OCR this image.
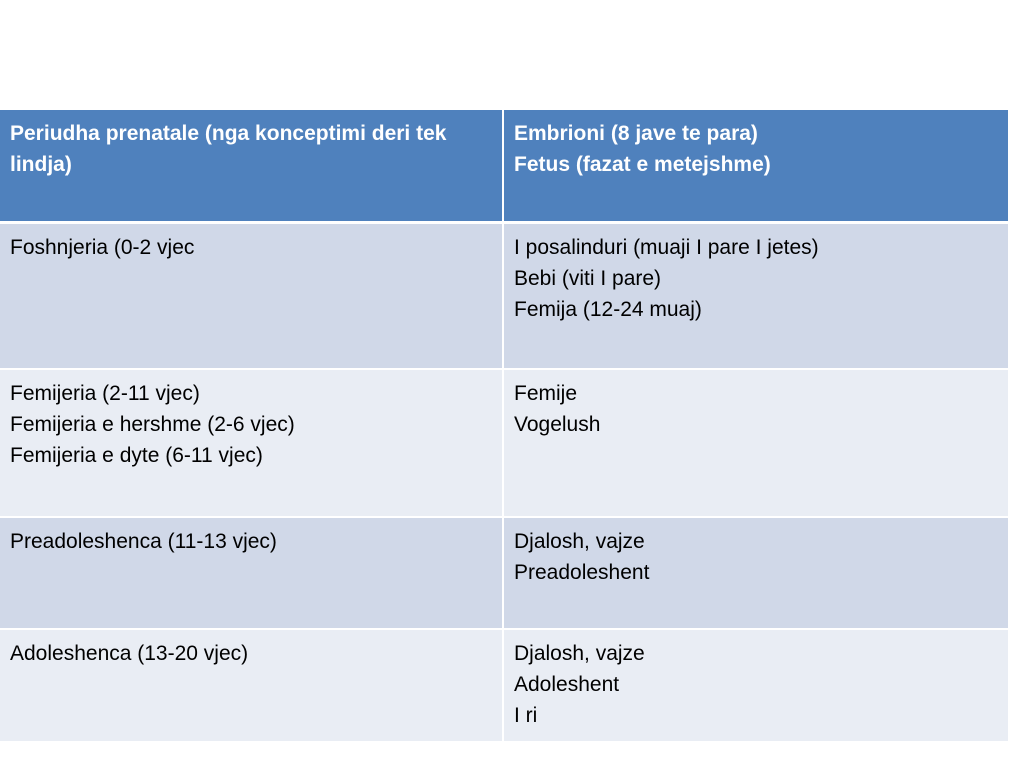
Periudha prenatale (nga konceptimi deri tek lindja)	Embrioni (8 jave te para)
Fetus (fazat e metejshme)

Foshnjeria (0-2 vjec	I posalinduri (muaji I pare I jetes)
Bebi (viti I pare)
Femija (12-24 muaj)

Femijeria (2-11 vjec)
Femijeria e hershme (2-6 vjec)
Femijeria e dyte (6-11 vjec)	Femije
Vogelush

Preadoleshenca (11-13 vjec)	Djalosh, vajze
Preadoleshent

Adoleshenca (13-20 vjec)	Djalosh, vajze
Adoleshent
I ri
